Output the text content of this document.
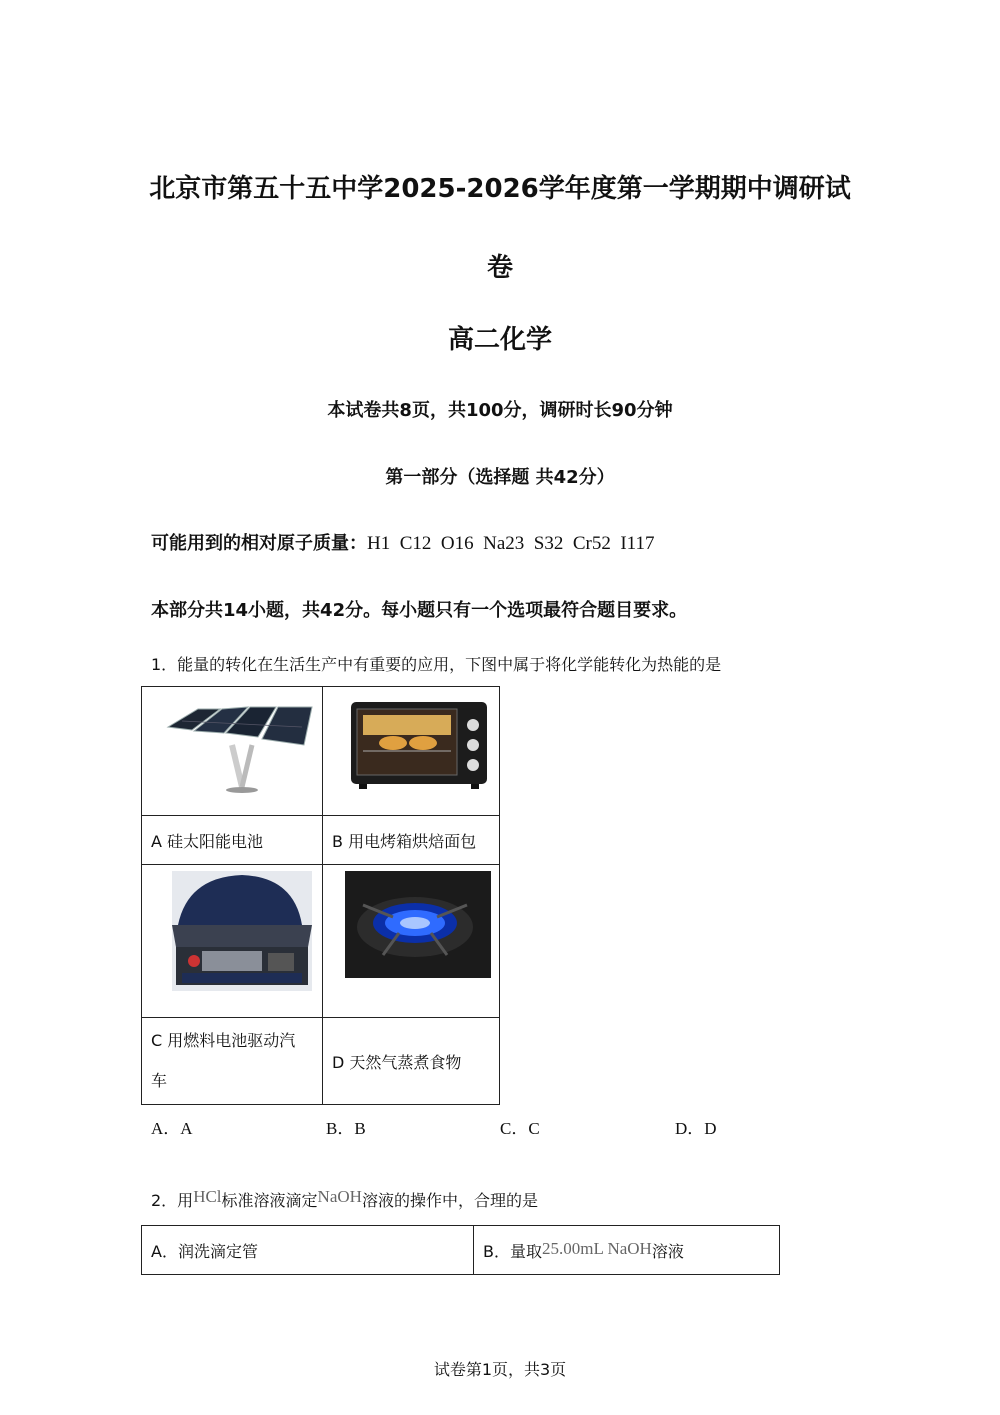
北京市第五十五中学2025-2026学年度第一学期期中调研试
卷
高二化学
本试卷共8页，共100分，调研时长90分钟
第一部分（选择题 共42分）
可能用到的相对原子质量：H1  C12  O16  Na23  S32  Cr52  I117
本部分共14小题，共42分。每小题只有一个选项最符合题目要求。
1．能量的转化在生活生产中有重要的应用，下图中属于将化学能转化为热能的是

A 硅太阳能电池	B 用电烤箱烘焙面包

C 用燃料电池驱动汽
车	D 天然气蒸煮食物
A．A	B．B	C．C	D．D
2．用HCl标准溶液滴定NaOH溶液的操作中，合理的是
A．润洗滴定管	B．量取25.00mL NaOH溶液
试卷第1页，共3页
